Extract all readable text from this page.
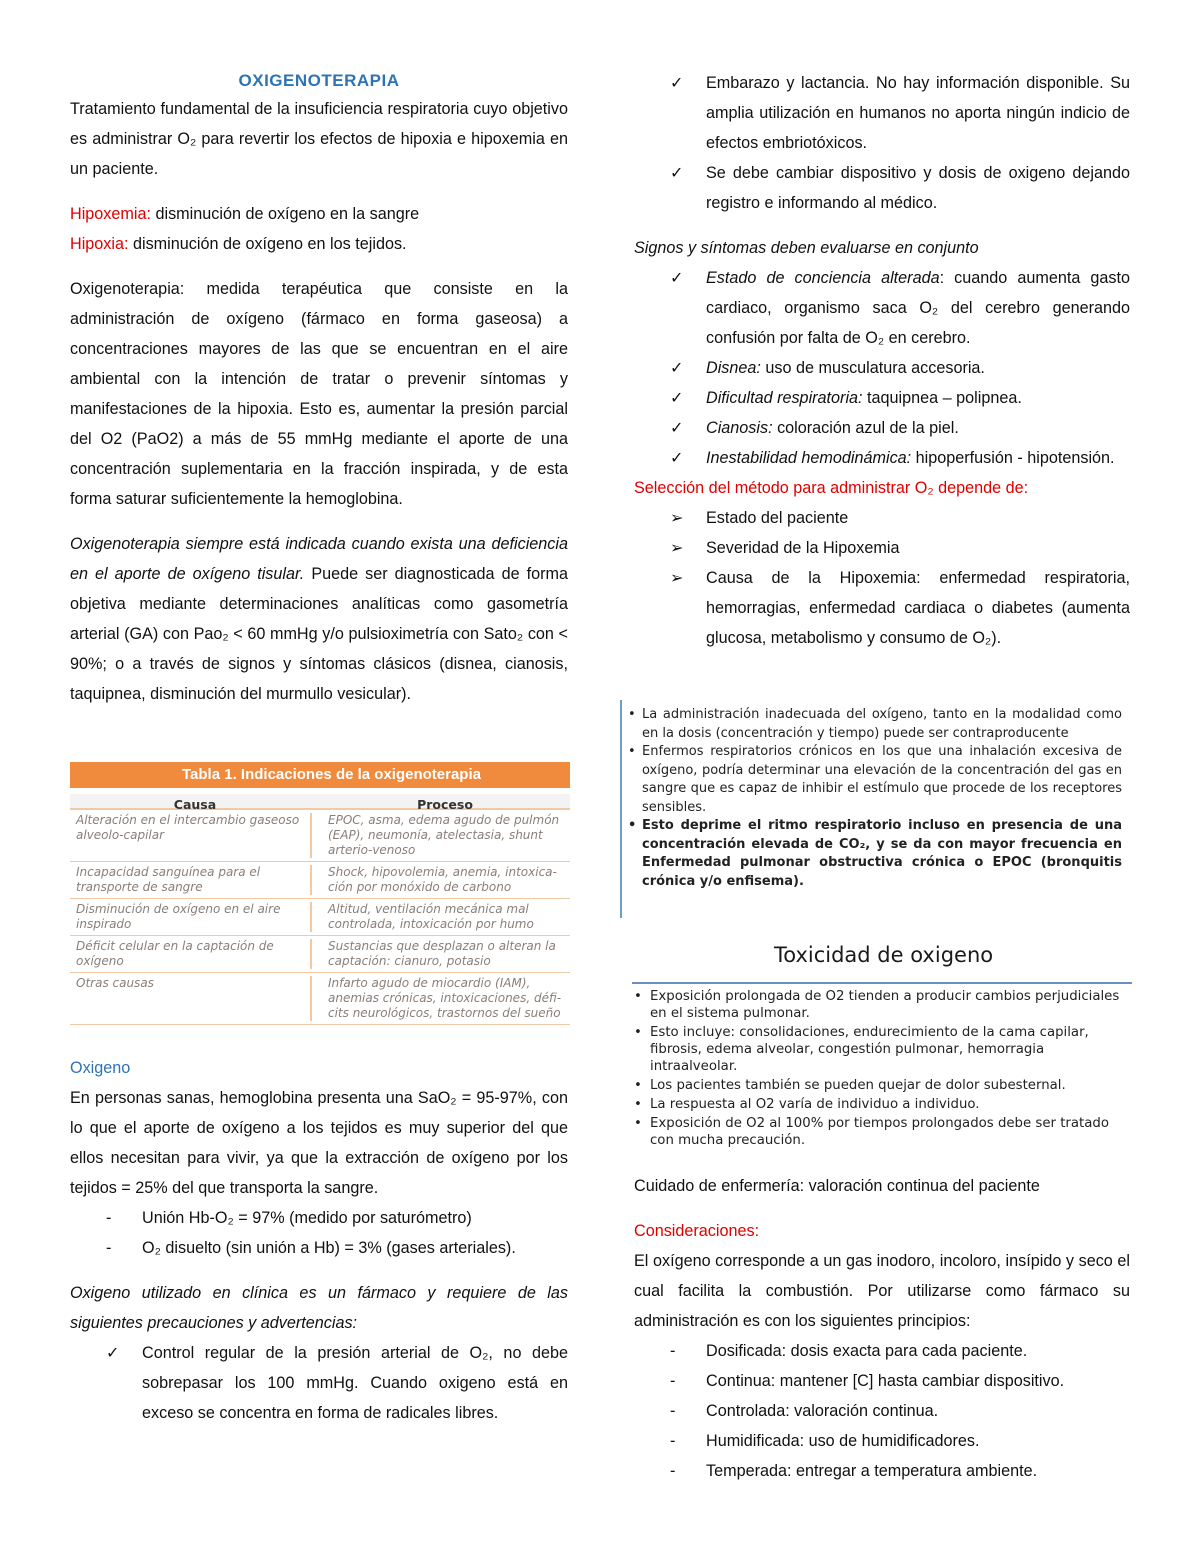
OXIGENOTERAPIA

Tratamiento fundamental de la insuficiencia respiratoria cuyo objetivo es administrar O₂ para revertir los efectos de hipoxia e hipoxemia en un paciente.

Hipoxemia: disminución de oxígeno en la sangre

Hipoxia: disminución de oxígeno en los tejidos.

Oxigenoterapia: medida terapéutica que consiste en la administración de oxígeno (fármaco en forma gaseosa) a concentraciones mayores de las que se encuentran en el aire ambiental con la intención de tratar o prevenir síntomas y manifestaciones de la hipoxia. Esto es, aumentar la presión parcial del O2 (PaO2) a más de 55 mmHg mediante el aporte de una concentración suplementaria en la fracción inspirada, y de esta forma saturar suficientemente la hemoglobina.

Oxigenoterapia siempre está indicada cuando exista una deficiencia en el aporte de oxígeno tisular. Puede ser diagnosticada de forma objetiva mediante determinaciones analíticas como gasometría arterial (GA) con Pao₂ < 60 mmHg y/o pulsioximetría con Sato₂ con < 90%; o a través de signos y síntomas clásicos (disnea, cianosis, taquipnea, disminución del murmullo vesicular).

Tabla 1. Indicaciones de la oxigenoterapia
Causa	Proceso
Alteración en el intercambio gaseoso alveolo-capilar
EPOC, asma, edema agudo de pulmón (EAP), neumonía, atelectasia, shunt arterio-venoso
Incapacidad sanguínea para el transporte de sangre
Shock, hipovolemia, anemia, intoxica-ción por monóxido de carbono
Disminución de oxígeno en el aire inspirado
Altitud, ventilación mecánica mal controlada, intoxicación por humo
Déficit celular en la captación de oxígeno
Sustancias que desplazan o alteran la captación: cianuro, potasio
Otras causas	Infarto agudo de miocardio (IAM), anemias crónicas, intoxicaciones, défi-cits neurológicos, trastornos del sueño

Oxigeno

En personas sanas, hemoglobina presenta una SaO₂ = 95-97%, con lo que el aporte de oxígeno a los tejidos es muy superior del que ellos necesitan para vivir, ya que la extracción de oxígeno por los tejidos = 25% del que transporta la sangre.

- Unión Hb-O₂ = 97% (medido por saturómetro)
- O₂ disuelto (sin unión a Hb) = 3% (gases arteriales).

Oxigeno utilizado en clínica es un fármaco y requiere de las siguientes precauciones y advertencias:

✓ Control regular de la presión arterial de O₂, no debe sobrepasar los 100 mmHg. Cuando oxigeno está en exceso se concentra en forma de radicales libres.
✓ Embarazo y lactancia. No hay información disponible. Su amplia utilización en humanos no aporta ningún indicio de efectos embriotóxicos.
✓ Se debe cambiar dispositivo y dosis de oxigeno dejando registro e informando al médico.

Signos y síntomas deben evaluarse en conjunto

✓ Estado de conciencia alterada: cuando aumenta gasto cardiaco, organismo saca O₂ del cerebro generando confusión por falta de O₂ en cerebro.
✓ Disnea: uso de musculatura accesoria.
✓ Dificultad respiratoria: taquipnea – polipnea.
✓ Cianosis: coloración azul de la piel.
✓ Inestabilidad hemodinámica: hipoperfusión - hipotensión.

Selección del método para administrar O₂ depende de:

➢ Estado del paciente
➢ Severidad de la Hipoxemia
➢ Causa de la Hipoxemia: enfermedad respiratoria, hemorragias, enfermedad cardiaca o diabetes (aumenta glucosa, metabolismo y consumo de O₂).
• La administración inadecuada del oxígeno, tanto en la modalidad como en la dosis (concentración y tiempo) puede ser contraproducente
• Enfermos respiratorios crónicos en los que una inhalación excesiva de oxígeno, podría determinar una elevación de la concentración del gas en sangre que es capaz de inhibir el estímulo que procede de los receptores sensibles.
• Esto deprime el ritmo respiratorio incluso en presencia de una concentración elevada de CO₂, y se da con mayor frecuencia en Enfermedad pulmonar obstructiva crónica o EPOC (bronquitis crónica y/o enfisema).
Toxicidad de oxigeno
• Exposición prolongada de O2 tienden a producir cambios perjudiciales en el sistema pulmonar.
• Esto incluye: consolidaciones, endurecimiento de la cama capilar, fibrosis, edema alveolar, congestión pulmonar, hemorragia intraalveolar.
• Los pacientes también se pueden quejar de dolor subesternal.
• La respuesta al O2 varía de individuo a individuo.
• Exposición de O2 al 100% por tiempos prolongados debe ser tratado con mucha precaución.

Cuidado de enfermería: valoración continua del paciente

Consideraciones:

El oxígeno corresponde a un gas inodoro, incoloro, insípido y seco el cual facilita la combustión. Por utilizarse como fármaco su administración es con los siguientes principios:

- Dosificada: dosis exacta para cada paciente.
- Continua: mantener [C] hasta cambiar dispositivo.
- Controlada: valoración continua.
- Humidificada: uso de humidificadores.
- Temperada: entregar a temperatura ambiente.
